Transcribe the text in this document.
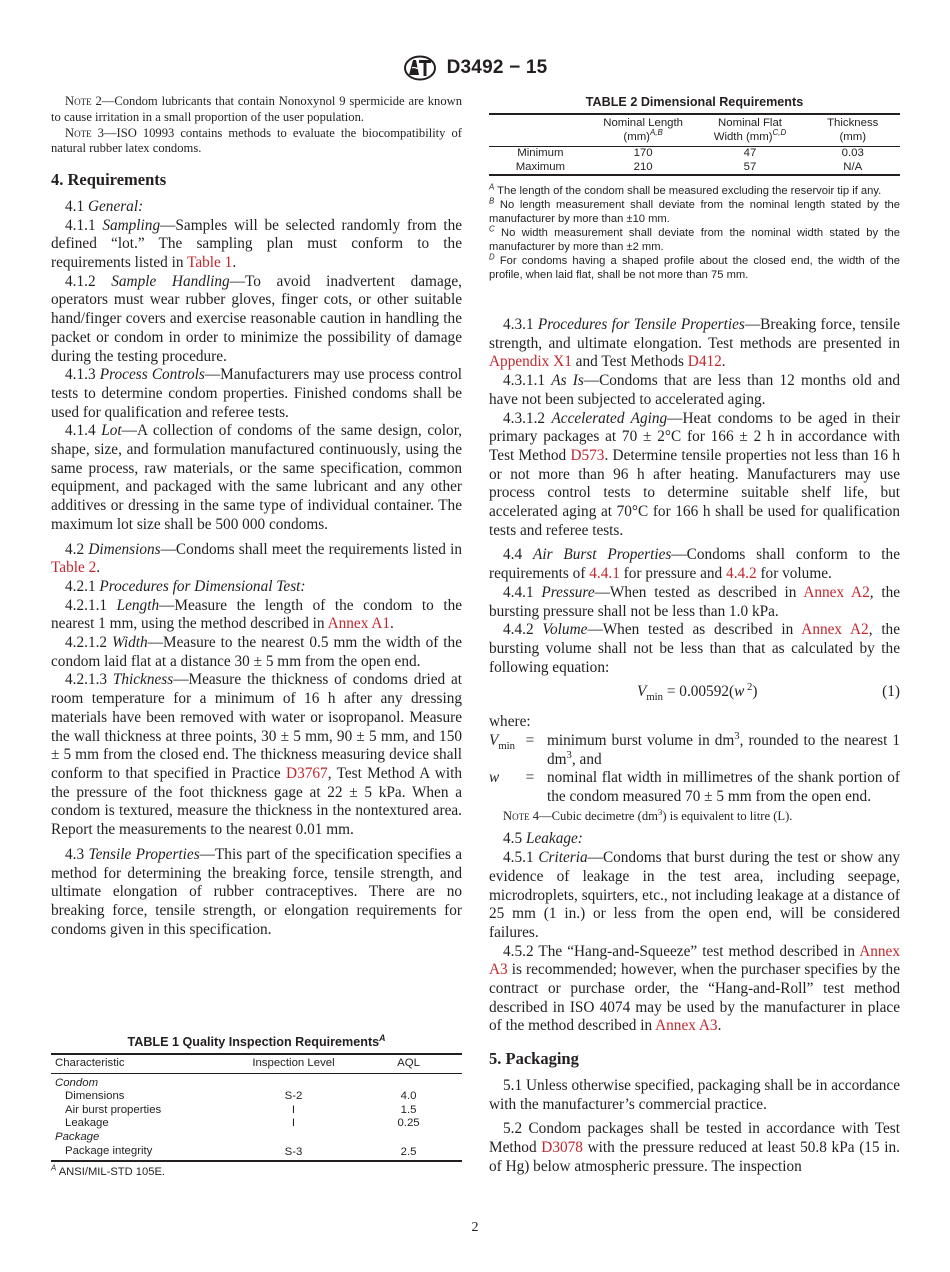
D3492 − 15

Note 2—Condom lubricants that contain Nonoxynol 9 spermicide are known to cause irritation in a small proportion of the user population.

Note 3—ISO 10993 contains methods to evaluate the biocompatibility of natural rubber latex condoms.

4. Requirements

4.1 General:

4.1.1 Sampling—Samples will be selected randomly from the defined “lot.” The sampling plan must conform to the requirements listed in Table 1.

4.1.2 Sample Handling—To avoid inadvertent damage, operators must wear rubber gloves, finger cots, or other suitable hand/finger covers and exercise reasonable caution in handling the packet or condom in order to minimize the possibility of damage during the testing procedure.

4.1.3 Process Controls—Manufacturers may use process control tests to determine condom properties. Finished condoms shall be used for qualification and referee tests.

4.1.4 Lot—A collection of condoms of the same design, color, shape, size, and formulation manufactured continuously, using the same process, raw materials, or the same specification, common equipment, and packaged with the same lubricant and any other additives or dressing in the same type of individual container. The maximum lot size shall be 500 000 condoms.

4.2 Dimensions—Condoms shall meet the requirements listed in Table 2.

4.2.1 Procedures for Dimensional Test:

4.2.1.1 Length—Measure the length of the condom to the nearest 1 mm, using the method described in Annex A1.

4.2.1.2 Width—Measure to the nearest 0.5 mm the width of the condom laid flat at a distance 30 ± 5 mm from the open end.

4.2.1.3 Thickness—Measure the thickness of condoms dried at room temperature for a minimum of 16 h after any dressing materials have been removed with water or isopropanol. Measure the wall thickness at three points, 30 ± 5 mm, 90 ± 5 mm, and 150 ± 5 mm from the closed end. The thickness measuring device shall conform to that specified in Practice D3767, Test Method A with the pressure of the foot thickness gage at 22 ± 5 kPa. When a condom is textured, measure the thickness in the nontextured area. Report the measurements to the nearest 0.01 mm.

4.3 Tensile Properties—This part of the specification specifies a method for determining the breaking force, tensile strength, and ultimate elongation of rubber contraceptives. There are no breaking force, tensile strength, or elongation requirements for condoms given in this specification.

TABLE 1 Quality Inspection Requirements$^A$
Characteristic	Inspection Level	AQL
Condom		
Dimensions	S-2	4.0
Air burst properties	I	1.5
Leakage	I	0.25
Package		
Package integrity	S-3	2.5
$^A$ ANSI/MIL-STD 105E.
TABLE 2 Dimensional Requirements
	Nominal Length	Nominal Flat	Thickness
	(mm)$^{A,B}$	Width (mm)$^{C,D}$	(mm)
Minimum	170	47	0.03
Maximum	210	57	N/A
$^A$ The length of the condom shall be measured excluding the reservoir tip if any.
$^B$ No length measurement shall deviate from the nominal length stated by the manufacturer by more than ±10 mm.
$^C$ No width measurement shall deviate from the nominal width stated by the manufacturer by more than ±2 mm.
$^D$ For condoms having a shaped profile about the closed end, the width of the profile, when laid flat, shall be not more than 75 mm.

4.3.1 Procedures for Tensile Properties—Breaking force, tensile strength, and ultimate elongation. Test methods are presented in Appendix X1 and Test Methods D412.

4.3.1.1 As Is—Condoms that are less than 12 months old and have not been subjected to accelerated aging.

4.3.1.2 Accelerated Aging—Heat condoms to be aged in their primary packages at 70 ± 2°C for 166 ± 2 h in accordance with Test Method D573. Determine tensile properties not less than 16 h or not more than 96 h after heating. Manufacturers may use process control tests to determine suitable shelf life, but accelerated aging at 70°C for 166 h shall be used for qualification tests and referee tests.

4.4 Air Burst Properties—Condoms shall conform to the requirements of 4.4.1 for pressure and 4.4.2 for volume.

4.4.1 Pressure—When tested as described in Annex A2, the bursting pressure shall not be less than 1.0 kPa.

4.4.2 Volume—When tested as described in Annex A2, the bursting volume shall not be less than that as calculated by the following equation:

$V_{min} = 0.00592(w$ $^2$)	(1)

where:

$V_{min}$ = minimum burst volume in $dm^3$, rounded to the nearest 1 $dm^3$, and
w	= nominal flat width in millimetres of the shank portion of the condom measured 70 ± 5 mm from the open end.

Note 4—Cubic decimetre $(dm^3)$ is equivalent to litre (L).

4.5 Leakage:

4.5.1 Criteria—Condoms that burst during the test or show any evidence of leakage in the test area, including seepage, microdroplets, squirters, etc., not including leakage at a distance of 25 mm (1 in.) or less from the open end, will be considered failures.

4.5.2 The “Hang-and-Squeeze” test method described in Annex A3 is recommended; however, when the purchaser specifies by the contract or purchase order, the “Hang-and-Roll” test method described in ISO 4074 may be used by the manufacturer in place of the method described in Annex A3.

5. Packaging

5.1 Unless otherwise specified, packaging shall be in accordance with the manufacturer’s commercial practice.

5.2 Condom packages shall be tested in accordance with Test Method D3078 with the pressure reduced at least 50.8 kPa (15 in. of Hg) below atmospheric pressure. The inspection

2
